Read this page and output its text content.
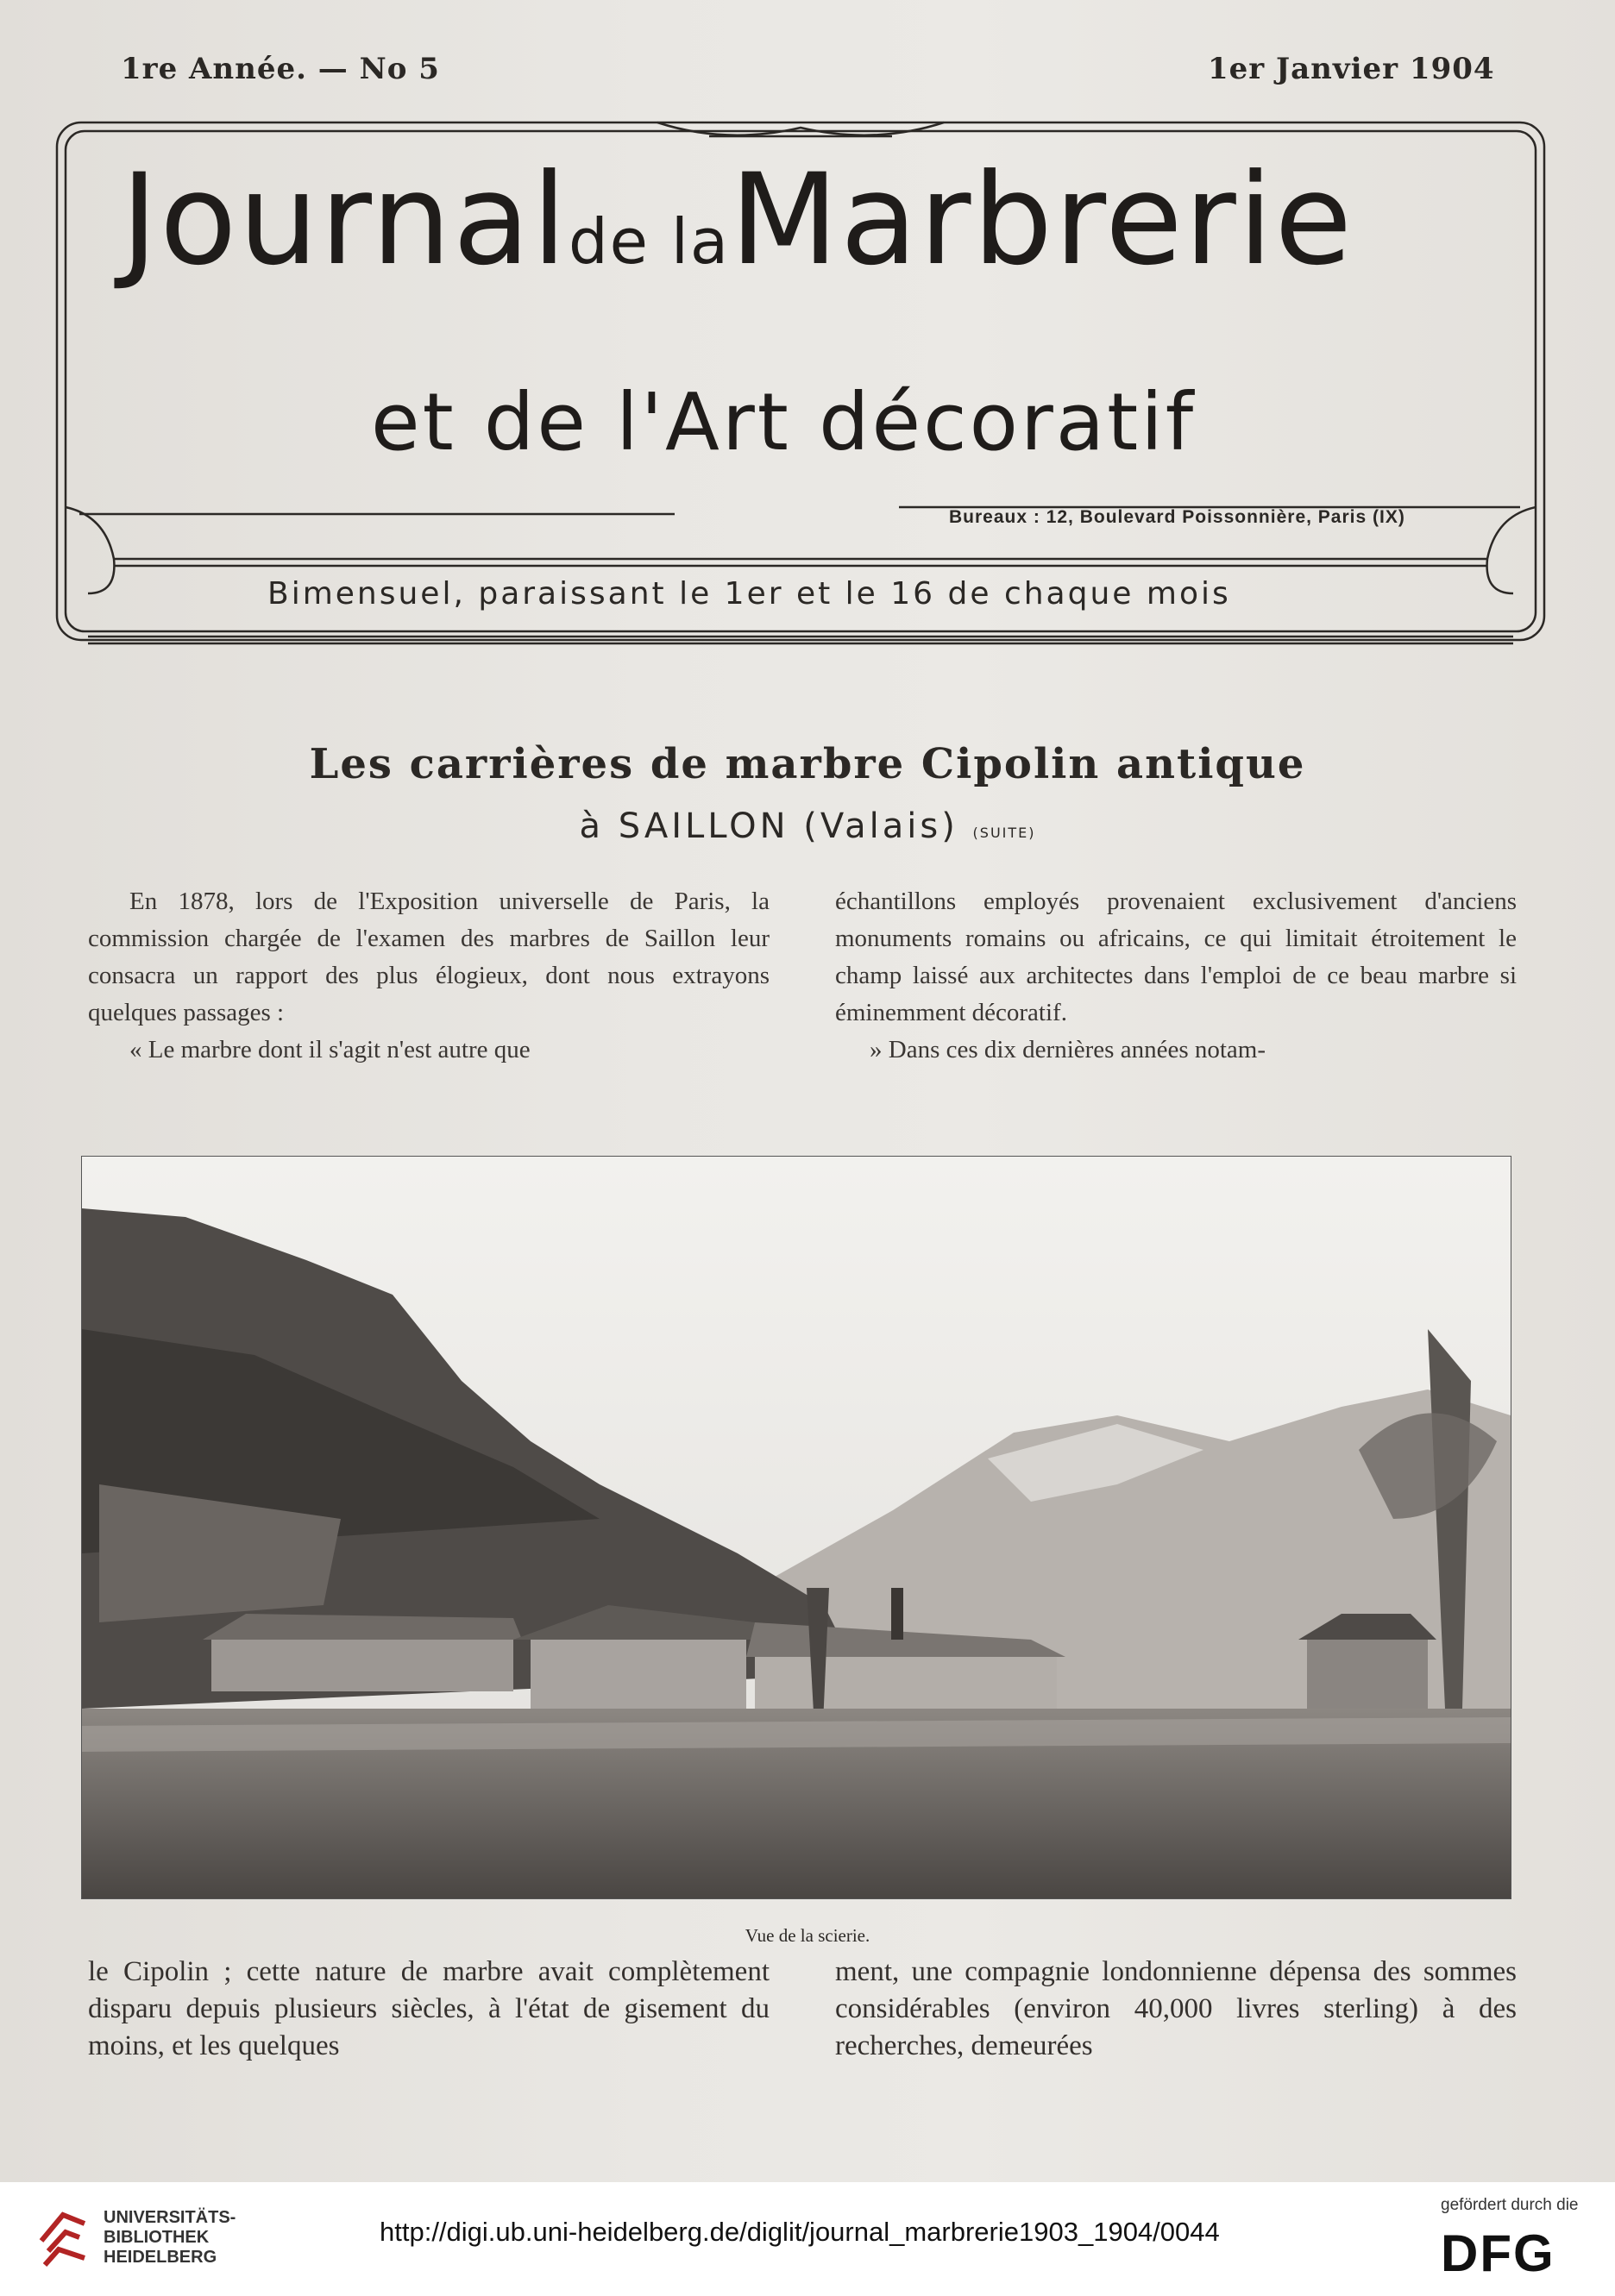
1re Année. — No 5	1er Janvier 1904
Journalde laMarbrerie
et de l'Art décoratif
Bureaux : 12, Boulevard Poissonnière, Paris (IX)
Bimensuel, paraissant le 1er et le 16 de chaque mois
Les carrières de marbre Cipolin antique
à SAILLON (Valais) (SUITE)

En 1878, lors de l'Exposition universelle de Paris, la commission chargée de l'examen des marbres de Saillon leur consacra un rapport des plus élogieux, dont nous extrayons quelques passages :

« Le marbre dont il s'agit n'est autre que

échantillons employés provenaient exclusivement d'anciens monuments romains ou africains, ce qui limitait étroitement le champ laissé aux architectes dans l'emploi de ce beau marbre si éminemment décoratif.

» Dans ces dix dernières années notam-

Vue de la scierie.

le Cipolin ; cette nature de marbre avait complètement disparu depuis plusieurs siècles, à l'état de gisement du moins, et les quelques

ment, une compagnie londonnienne dépensa des sommes considérables (environ 40,000 livres sterling) à des recherches, demeurées

UNIVERSITÄTS-
BIBLIOTHEK
HEIDELBERG
http://digi.ub.uni-heidelberg.de/diglit/journal_marbrerie1903_1904/0044
gefördert durch die
DFG
